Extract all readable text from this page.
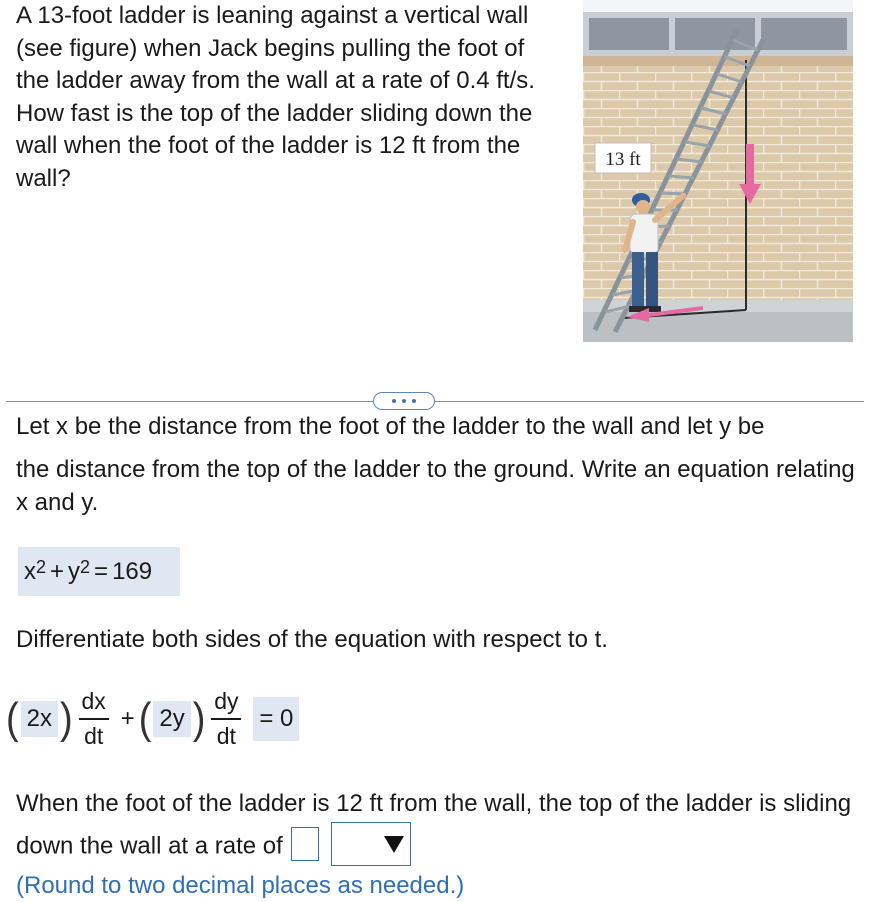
A 13-foot ladder is leaning against a vertical wall (see figure) when Jack begins pulling the foot of the ladder away from the wall at a rate of 0.4 ft/s. How fast is the top of the ladder sliding down the wall when the foot of the ladder is 12 ft from the wall?

13 ft
Let x be the distance from the foot of the ladder to the wall and let y be

the distance from the top of the ladder to the ground. Write an equation relating x and y.

$x^2 + y^2 = 169$

Differentiate both sides of the equation with respect to t.

( 2x ) $\frac{dx}{dt}$ + ( 2y ) $\frac{dy}{dt} = 0$

When the foot of the ladder is 12 ft from the wall, the top of the ladder is sliding down the wall at a rate of

(Round to two decimal places as needed.)
